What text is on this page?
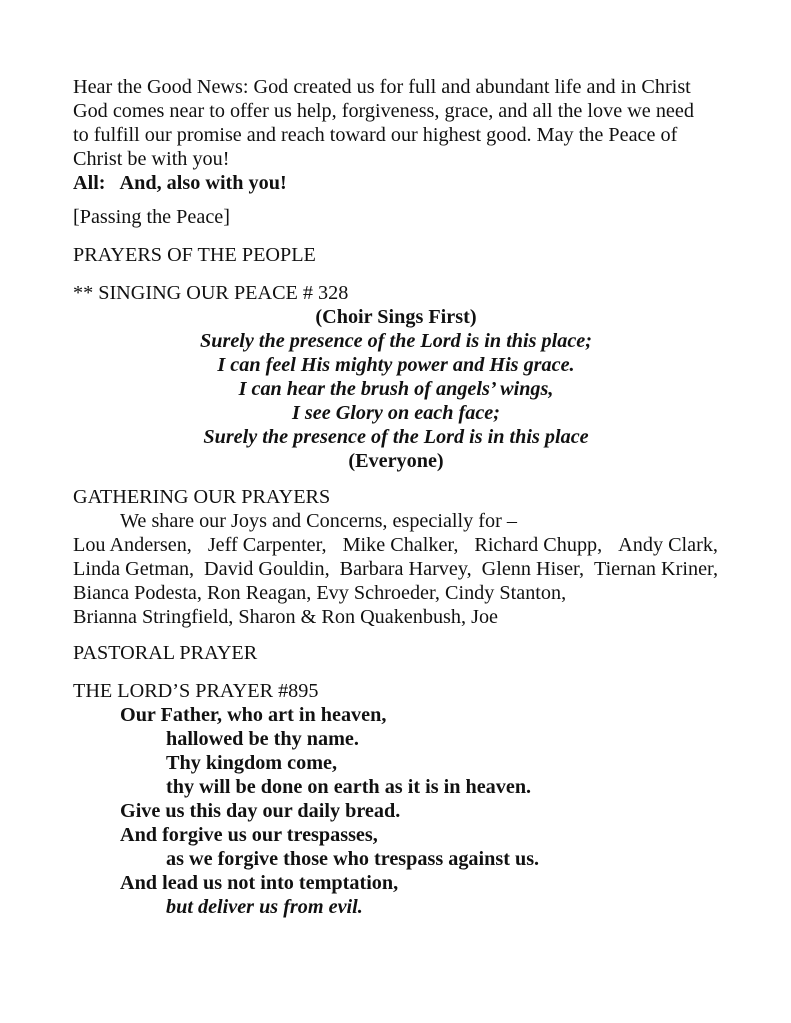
Hear the Good News: God created us for full and abundant life and in Christ
God comes near to offer us help, forgiveness, grace, and all the love we need
to fulfill our promise and reach toward our highest good. May the Peace of
Christ be with you!
All:   And, also with you!
[Passing the Peace]
PRAYERS OF THE PEOPLE
** SINGING OUR PEACE # 328
(Choir Sings First)
Surely the presence of the Lord is in this place;
I can feel His mighty power and His grace.
I can hear the brush of angels’ wings,
I see Glory on each face;
Surely the presence of the Lord is in this place
(Everyone)
GATHERING OUR PRAYERS
We share our Joys and Concerns, especially for –
Lou Andersen, Jeff Carpenter, Mike Chalker, Richard Chupp, Andy Clark,
Linda Getman, David Gouldin, Barbara Harvey, Glenn Hiser, Tiernan Kriner,
Bianca Podesta, Ron Reagan, Evy Schroeder, Cindy Stanton,
Brianna Stringfield, Sharon & Ron Quakenbush, Joe
PASTORAL PRAYER
THE LORD’S PRAYER #895
Our Father, who art in heaven,
hallowed be thy name.
Thy kingdom come,
thy will be done on earth as it is in heaven.
Give us this day our daily bread.
And forgive us our trespasses,
as we forgive those who trespass against us.
And lead us not into temptation,
but deliver us from evil.
